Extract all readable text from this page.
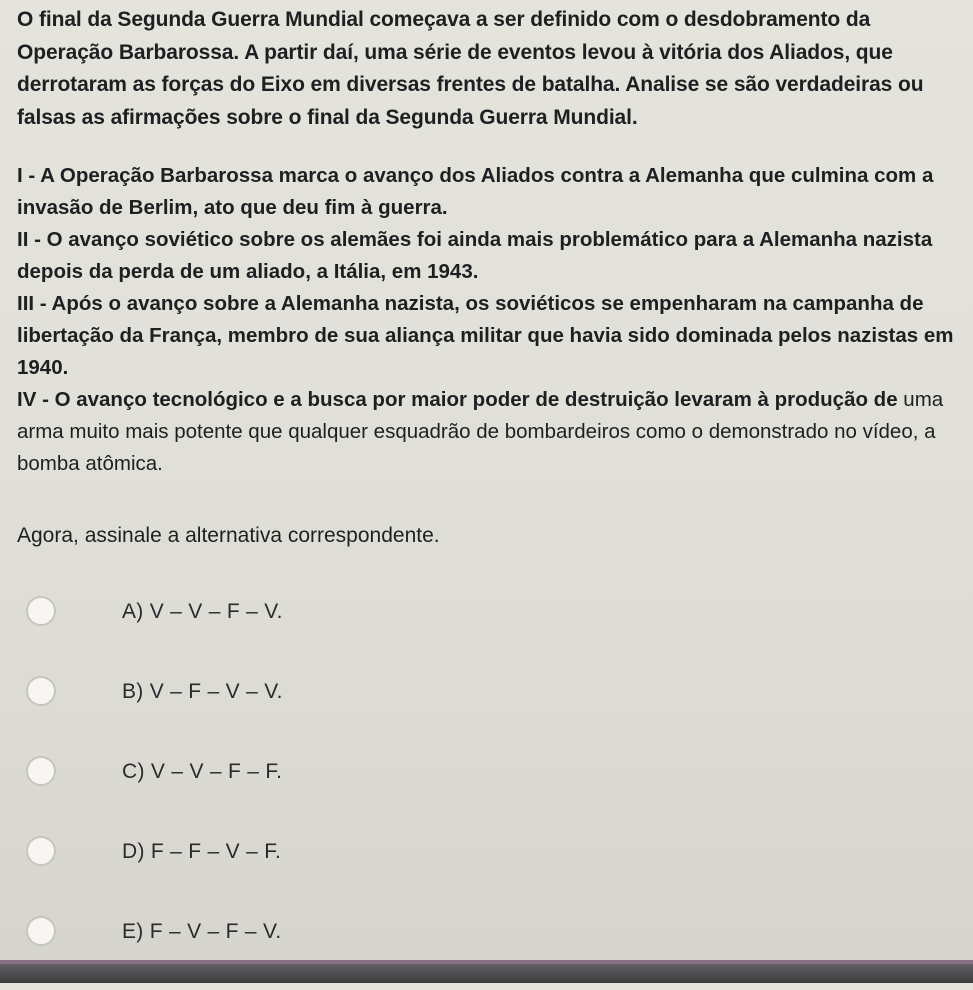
O final da Segunda Guerra Mundial começava a ser definido com o desdobramento da Operação Barbarossa. A partir daí, uma série de eventos levou à vitória dos Aliados, que derrotaram as forças do Eixo em diversas frentes de batalha. Analise se são verdadeiras ou falsas as afirmações sobre o final da Segunda Guerra Mundial.

I - A Operação Barbarossa marca o avanço dos Aliados contra a Alemanha que culmina com a invasão de Berlim, ato que deu fim à guerra.
II - O avanço soviético sobre os alemães foi ainda mais problemático para a Alemanha nazista depois da perda de um aliado, a Itália, em 1943.
III - Após o avanço sobre a Alemanha nazista, os soviéticos se empenharam na campanha de libertação da França, membro de sua aliança militar que havia sido dominada pelos nazistas em 1940.
IV - O avanço tecnológico e a busca por maior poder de destruição levaram à produção de uma arma muito mais potente que qualquer esquadrão de bombardeiros como o demonstrado no vídeo, a bomba atômica.

Agora, assinale a alternativa correspondente.

A) V – V – F – V.
B) V – F – V – V.
C) V – V – F – F.
D) F – F – V – F.
E) F – V – F – V.
